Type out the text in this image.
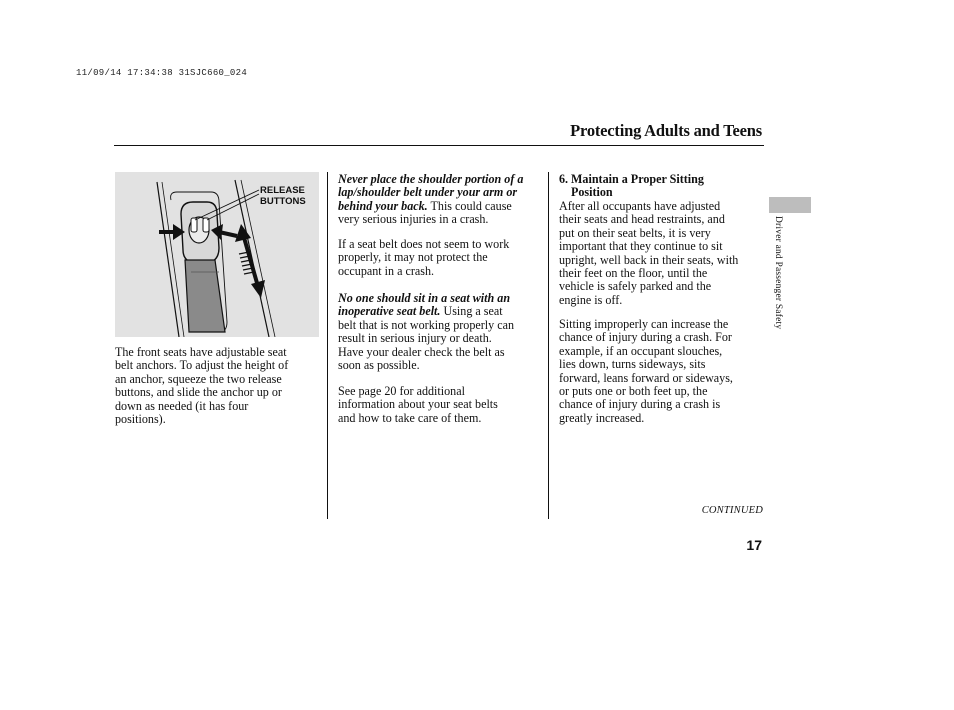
11/09/14 17:34:38 31SJC660_024
Protecting Adults and Teens
RELEASE
BUTTONS

The front seats have adjustable seat
belt anchors. To adjust the height of
an anchor, squeeze the two release
buttons, and slide the anchor up or
down as needed (it has four
positions).

Never place the shoulder portion of a
lap/shoulder belt under your arm or
behind your back. This could cause
very serious injuries in a crash.

If a seat belt does not seem to work
properly, it may not protect the
occupant in a crash.

No one should sit in a seat with an
inoperative seat belt. Using a seat
belt that is not working properly can
result in serious injury or death.
Have your dealer check the belt as
soon as possible.

See page 20 for additional
information about your seat belts
and how to take care of them.

6. Maintain a Proper Sitting
Position

After all occupants have adjusted
their seats and head restraints, and
put on their seat belts, it is very
important that they continue to sit
upright, well back in their seats, with
their feet on the floor, until the
vehicle is safely parked and the
engine is off.

Sitting improperly can increase the
chance of injury during a crash. For
example, if an occupant slouches,
lies down, turns sideways, sits
forward, leans forward or sideways,
or puts one or both feet up, the
chance of injury during a crash is
greatly increased.

CONTINUED
17
Driver and Passenger Safety
